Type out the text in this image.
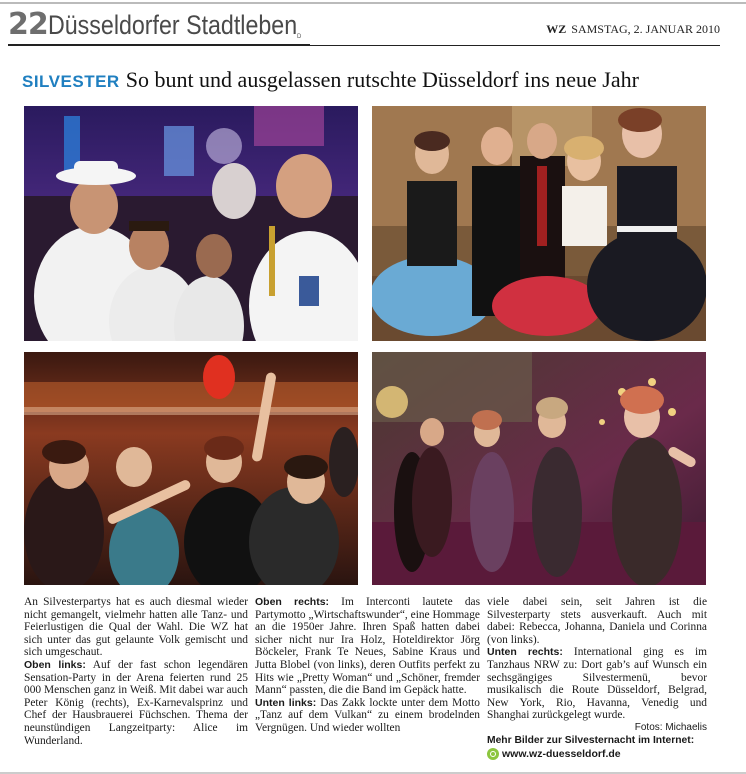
22 Düsseldorfer Stadtleben D
WZ SAMSTAG, 2. JANUAR 2010
SILVESTER So bunt und ausgelassen rutschte Düsseldorf ins neue Jahr

An Silvesterpartys hat es auch diesmal wieder nicht gemangelt, vielmehr hatten alle Tanz- und Feierlustigen die Qual der Wahl. Die WZ hat sich unter das gut gelaunte Volk gemischt und sich umgeschaut.

Oben links: Auf der fast schon legendären Sensation-Party in der Arena feierten rund 25 000 Menschen ganz in Weiß. Mit dabei war auch Peter König (rechts), Ex-Karnevalsprinz und Chef der Hausbrauerei Füchschen. Thema der neunstündigen Langzeitparty: Alice im Wunderland.

Oben rechts: Im Interconti lautete das Partymotto „Wirtschaftswunder“, eine Hommage an die 1950er Jahre. Ihren Spaß hatten dabei sicher nicht nur Ira Holz, Hoteldirektor Jörg Böckeler, Frank Te Neues, Sabine Kraus und Jutta Blobel (von links), deren Outfits perfekt zu Hits wie „Pretty Woman“ und „Schöner, fremder Mann“ passten, die die Band im Gepäck hatte.

Unten links: Das Zakk lockte unter dem Motto „Tanz auf dem Vulkan“ zu einem brodelnden Vergnügen. Und wieder wollten

viele dabei sein, seit Jahren ist die Silvesterparty stets ausverkauft. Auch mit dabei: Rebecca, Johanna, Daniela und Corinna (von links).

Unten rechts: International ging es im Tanzhaus NRW zu: Dort gab’s auf Wunsch ein sechsgängiges Silvestermenü, bevor musikalisch die Route Düsseldorf, Belgrad, New York, Rio, Havanna, Venedig und Shanghai zurückgelegt wurde.

Fotos: Michaelis

Mehr Bilder zur Silvesternacht im Internet:

www.wz-duesseldorf.de
